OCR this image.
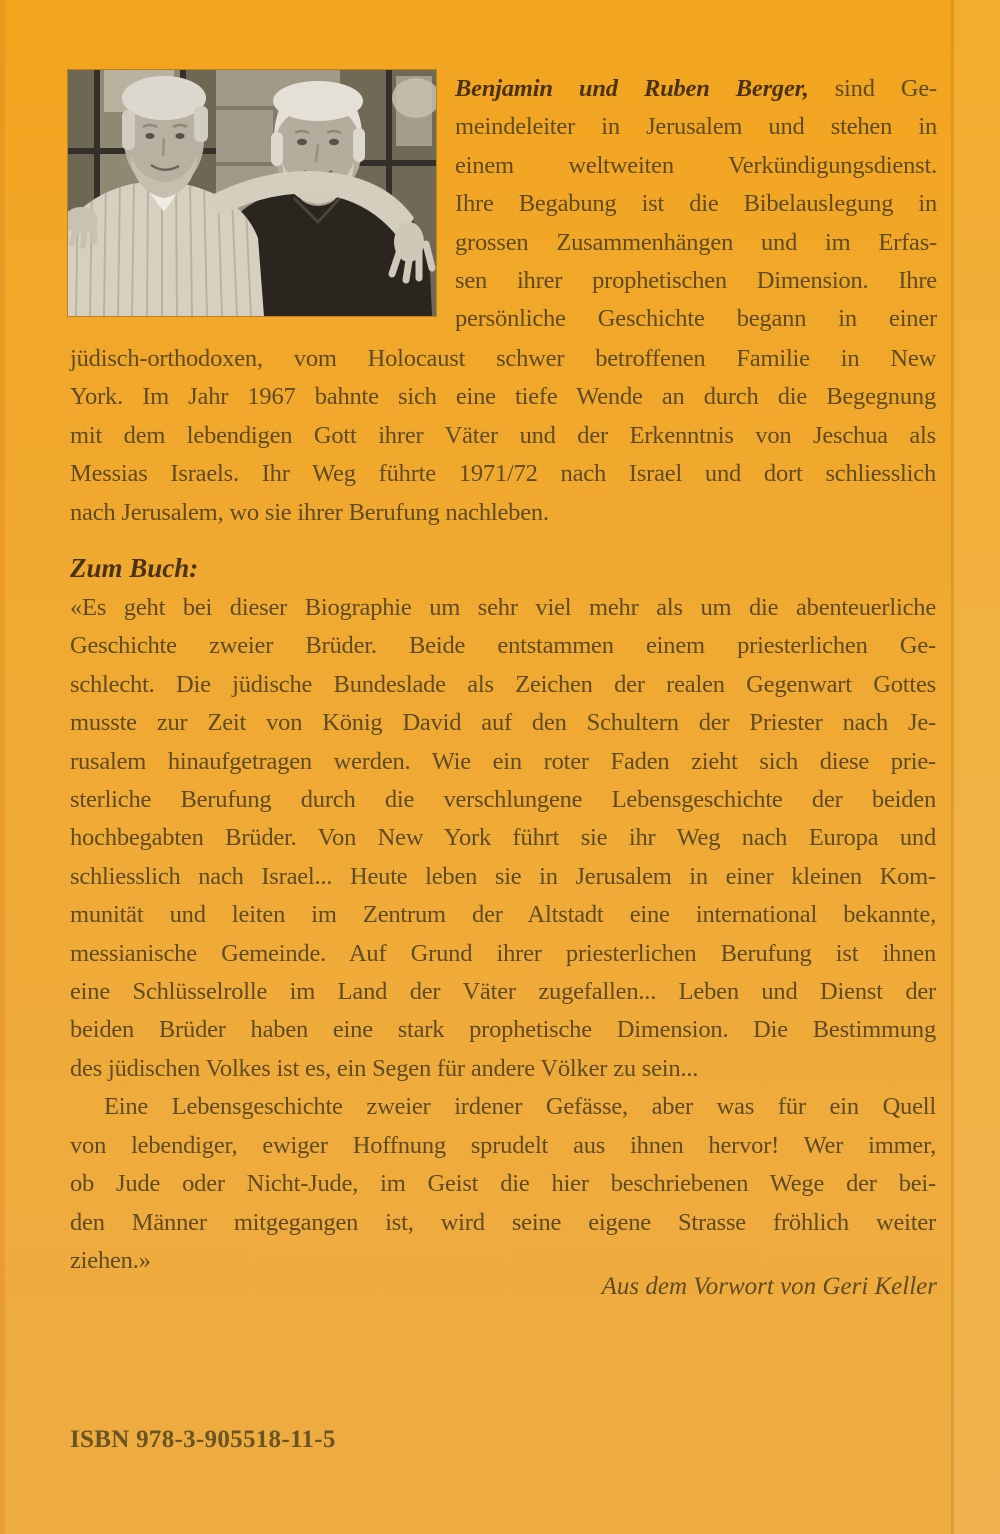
Benjamin und Ruben Berger, sind Ge-
meindeleiter in Jerusalem und stehen in
einem weltweiten Verkündigungsdienst.
Ihre Begabung ist die Bibelauslegung in
grossen Zusammenhängen und im Erfas-
sen ihrer prophetischen Dimension. Ihre
persönliche Geschichte begann in einer
jüdisch-orthodoxen, vom Holocaust schwer betroffenen Familie in New
York. Im Jahr 1967 bahnte sich eine tiefe Wende an durch die Begegnung
mit dem lebendigen Gott ihrer Väter und der Erkenntnis von Jeschua als
Messias Israels. Ihr Weg führte 1971/72 nach Israel und dort schliesslich
nach Jerusalem, wo sie ihrer Berufung nachleben.
Zum Buch:
«Es geht bei dieser Biographie um sehr viel mehr als um die abenteuerliche
Geschichte zweier Brüder. Beide entstammen einem priesterlichen Ge-
schlecht. Die jüdische Bundeslade als Zeichen der realen Gegenwart Gottes
musste zur Zeit von König David auf den Schultern der Priester nach Je-
rusalem hinaufgetragen werden. Wie ein roter Faden zieht sich diese prie-
sterliche Berufung durch die verschlungene Lebensgeschichte der beiden
hochbegabten Brüder. Von New York führt sie ihr Weg nach Europa und
schliesslich nach Israel... Heute leben sie in Jerusalem in einer kleinen Kom-
munität und leiten im Zentrum der Altstadt eine international bekannte,
messianische Gemeinde. Auf Grund ihrer priesterlichen Berufung ist ihnen
eine Schlüsselrolle im Land der Väter zugefallen... Leben und Dienst der
beiden Brüder haben eine stark prophetische Dimension. Die Bestimmung
des jüdischen Volkes ist es, ein Segen für andere Völker zu sein...
Eine Lebensgeschichte zweier irdener Gefässe, aber was für ein Quell
von lebendiger, ewiger Hoffnung sprudelt aus ihnen hervor! Wer immer,
ob Jude oder Nicht-Jude, im Geist die hier beschriebenen Wege der bei-
den Männer mitgegangen ist, wird seine eigene Strasse fröhlich weiter
ziehen.»
Aus dem Vorwort von Geri Keller
ISBN 978-3-905518-11-5
